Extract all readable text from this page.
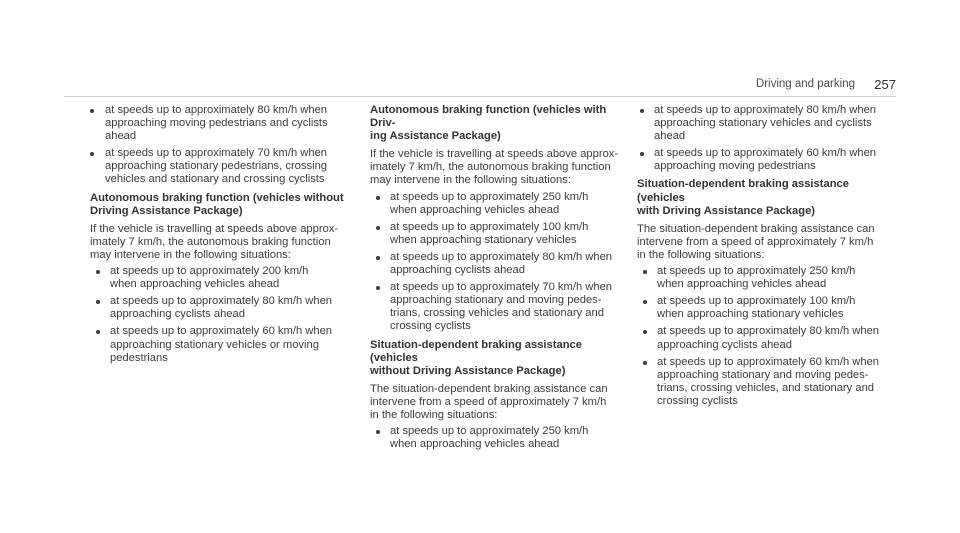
Driving and parking 257
at speeds up to approximately 80 km/h when
approaching moving pedestrians and cyclists
ahead
at speeds up to approximately 70 km/h when
approaching stationary pedestrians, crossing
vehicles and stationary and crossing cyclists
Autonomous braking function (vehicles without
Driving Assistance Package)
If the vehicle is travelling at speeds above approx-
imately 7 km/h, the autonomous braking function
may intervene in the following situations:
at speeds up to approximately 200 km/h
when approaching vehicles ahead
at speeds up to approximately 80 km/h when
approaching cyclists ahead
at speeds up to approximately 60 km/h when
approaching stationary vehicles or moving
pedestrians
Autonomous braking function (vehicles with Driv-
ing Assistance Package)
If the vehicle is travelling at speeds above approx-
imately 7 km/h, the autonomous braking function
may intervene in the following situations:
at speeds up to approximately 250 km/h
when approaching vehicles ahead
at speeds up to approximately 100 km/h
when approaching stationary vehicles
at speeds up to approximately 80 km/h when
approaching cyclists ahead
at speeds up to approximately 70 km/h when
approaching stationary and moving pedes-
trians, crossing vehicles and stationary and
crossing cyclists
Situation-dependent braking assistance (vehicles
without Driving Assistance Package)
The situation-dependent braking assistance can
intervene from a speed of approximately 7 km/h
in the following situations:
at speeds up to approximately 250 km/h
when approaching vehicles ahead
at speeds up to approximately 80 km/h when
approaching stationary vehicles and cyclists
ahead
at speeds up to approximately 60 km/h when
approaching moving pedestrians
Situation-dependent braking assistance (vehicles
with Driving Assistance Package)
The situation-dependent braking assistance can
intervene from a speed of approximately 7 km/h
in the following situations:
at speeds up to approximately 250 km/h
when approaching vehicles ahead
at speeds up to approximately 100 km/h
when approaching stationary vehicles
at speeds up to approximately 80 km/h when
approaching cyclists ahead
at speeds up to approximately 60 km/h when
approaching stationary and moving pedes-
trians, crossing vehicles, and stationary and
crossing cyclists
